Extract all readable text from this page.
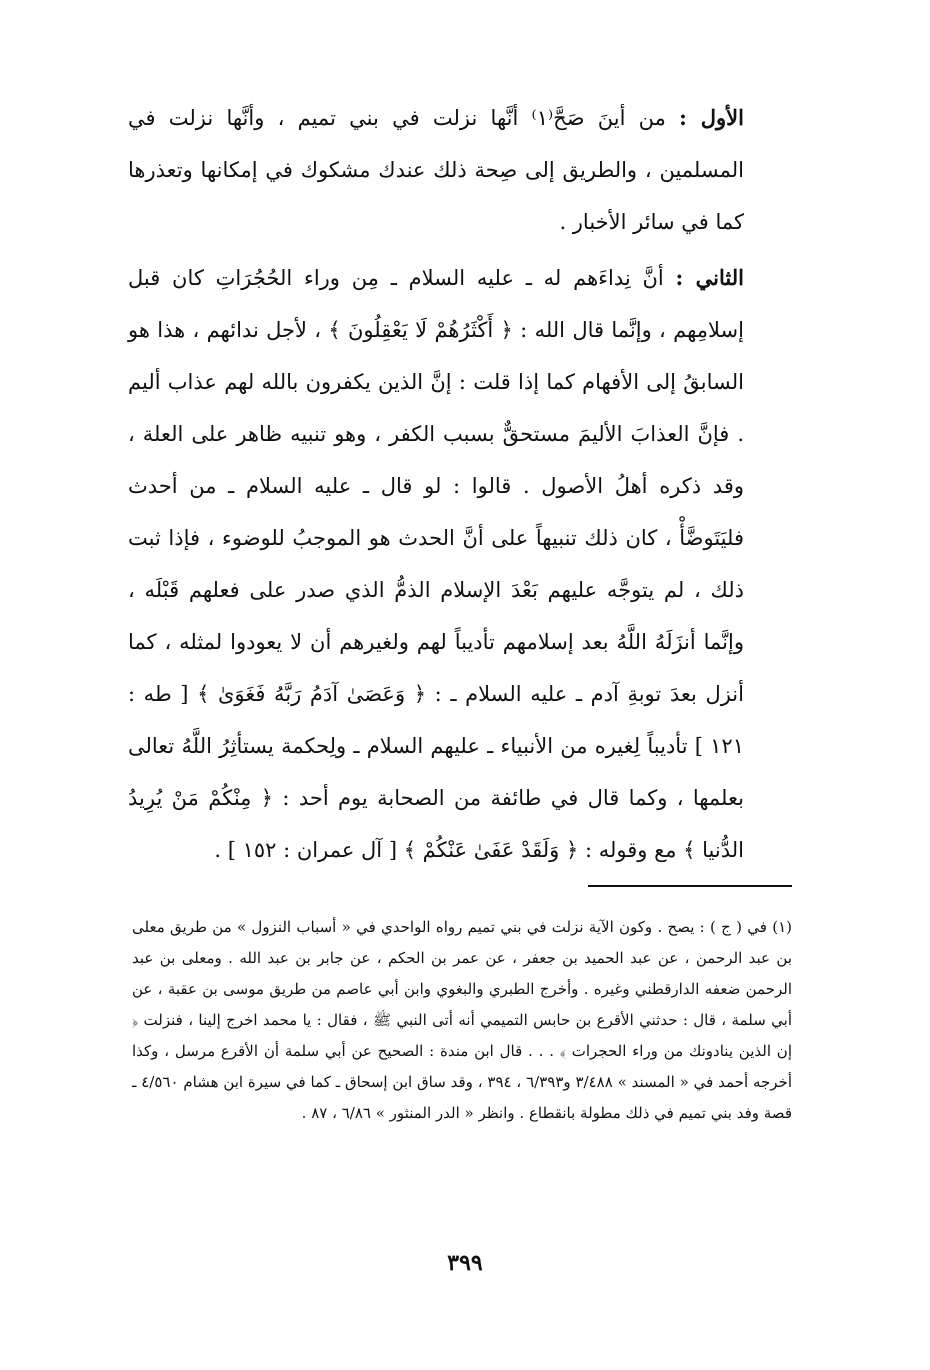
الأول : من أينَ صَحَّ⁽١⁾ أنَّها نزلت في بني تميم ، وأنَّها نزلت في المسلمين ، والطريق إلى صِحة ذلك عندك مشكوك في إمكانها وتعذرها كما في سائر الأخبار .

الثاني : أنَّ نِداءَهم له ـ عليه السلام ـ مِن وراء الحُجُرَاتِ كان قبل إسلامِهم ، وإنَّما قال الله : ﴿ أَكْثَرُهُمْ لَا يَعْقِلُونَ ﴾ ، لأجل ندائهم ، هذا هو السابقُ إلى الأفهام كما إذا قلت : إنَّ الذين يكفرون بالله لهم عذاب أليم . فإنَّ العذابَ الأليمَ مستحقٌّ بسبب الكفر ، وهو تنبيه ظاهر على العلة ، وقد ذكره أهلُ الأصول . قالوا : لو قال ـ عليه السلام ـ من أحدث فليَتَوضَّأْ ، كان ذلك تنبيهاً على أنَّ الحدث هو الموجبُ للوضوء ، فإذا ثبت ذلك ، لم يتوجَّه عليهم بَعْدَ الإسلام الذمُّ الذي صدر على فعلهم قَبْلَه ، وإنَّما أنزَلَهُ اللَّهُ بعد إسلامهم تأديباً لهم ولغيرهم أن لا يعودوا لمثله ، كما أنزل بعدَ توبةِ آدم ـ عليه السلام ـ : ﴿ وَعَصَىٰ آدَمُ رَبَّهُ فَغَوَىٰ ﴾ [ طه : ١٢١ ] تأديباً لِغيره من الأنبياء ـ عليهم السلام ـ ولِحكمة يستأثِرُ اللَّهُ تعالى بعلمها ، وكما قال في طائفة من الصحابة يوم أحد : ﴿ مِنْكُمْ مَنْ يُرِيدُ الدُّنيا ﴾ مع وقوله : ﴿ وَلَقَدْ عَفَىٰ عَنْكُمْ ﴾ [ آل عمران : ١٥٢ ] .

(١) في ( ج ) : يصح . وكون الآية نزلت في بني تميم رواه الواحدي في « أسباب النزول » من طريق معلى بن عبد الرحمن ، عن عبد الحميد بن جعفر ، عن عمر بن الحكم ، عن جابر بن عبد الله . ومعلى بن عبد الرحمن ضعفه الدارقطني وغيره . وأخرج الطبري والبغوي وابن أبي عاصم من طريق موسى بن عقبة ، عن أبي سلمة ، قال : حدثني الأقرع بن حابس التميمي أنه أتى النبي ﷺ ، فقال : يا محمد اخرج إلينا ، فنزلت ﴿ إن الذين ينادونك من وراء الحجرات ﴾ . . . قال ابن مندة : الصحيح عن أبي سلمة أن الأقرع مرسل ، وكذا أخرجه أحمد في « المسند » ٣/٤٨٨ و٦/٣٩٣ ، ٣٩٤ ، وقد ساق ابن إسحاق ـ كما في سيرة ابن هشام ٤/٥٦٠ ـ قصة وفد بني تميم في ذلك مطولة بانقطاع . وانظر « الدر المنثور » ٦/٨٦ ، ٨٧ .

٣٩٩
